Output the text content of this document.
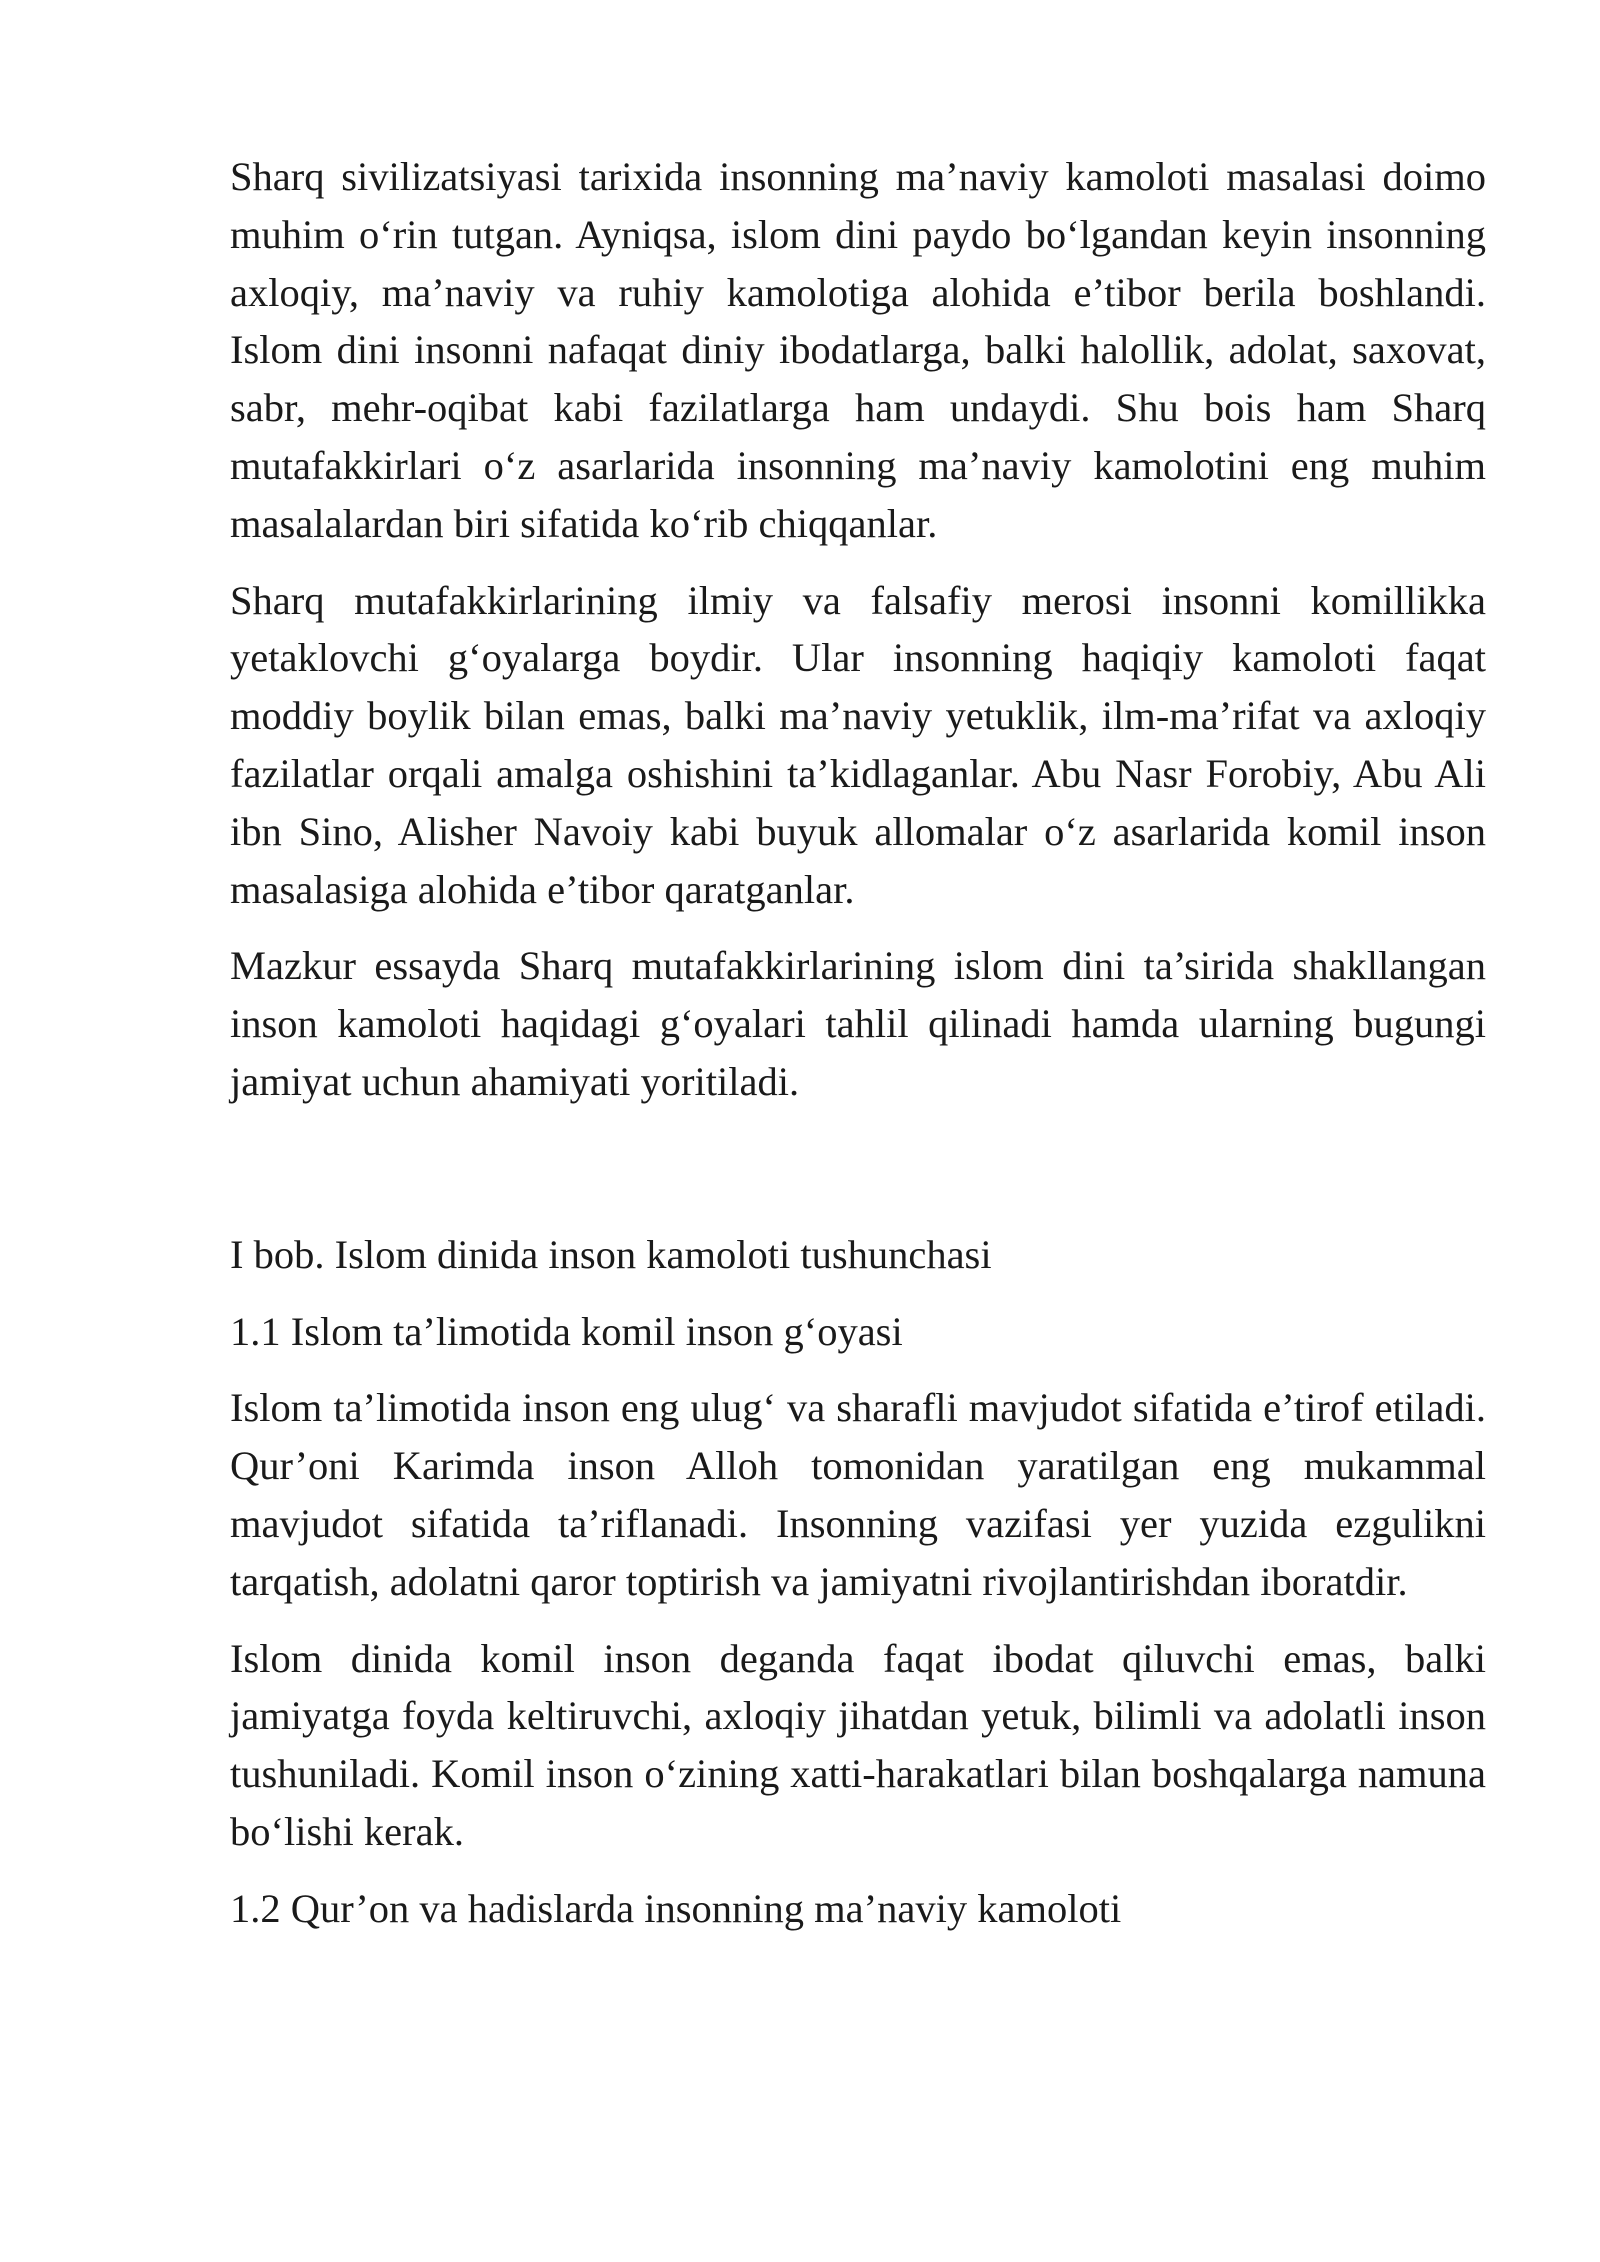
Sharq sivilizatsiyasi tarixida insonning ma’naviy kamoloti masalasi doimo muhim o‘rin tutgan. Ayniqsa, islom dini paydo bo‘lgandan keyin insonning axloqiy, ma’naviy va ruhiy kamolotiga alohida e’tibor berila boshlandi. Islom dini insonni nafaqat diniy ibodatlarga, balki halollik, adolat, saxovat, sabr, mehr-oqibat kabi fazilatlarga ham undaydi. Shu bois ham Sharq mutafakkirlari o‘z asarlarida insonning ma’naviy kamolotini eng muhim masalalardan biri sifatida ko‘rib chiqqanlar.

Sharq mutafakkirlarining ilmiy va falsafiy merosi insonni komillikka yetaklovchi g‘oyalarga boydir. Ular insonning haqiqiy kamoloti faqat moddiy boylik bilan emas, balki ma’naviy yetuklik, ilm-ma’rifat va axloqiy fazilatlar orqali amalga oshishini ta’kidlaganlar. Abu Nasr Forobiy, Abu Ali ibn Sino, Alisher Navoiy kabi buyuk allomalar o‘z asarlarida komil inson masalasiga alohida e’tibor qaratganlar.

Mazkur essayda Sharq mutafakkirlarining islom dini ta’sirida shakllangan inson kamoloti haqidagi g‘oyalari tahlil qilinadi hamda ularning bugungi jamiyat uchun ahamiyati yoritiladi.

I bob. Islom dinida inson kamoloti tushunchasi

1.1 Islom ta’limotida komil inson g‘oyasi

Islom ta’limotida inson eng ulug‘ va sharafli mavjudot sifatida e’tirof etiladi. Qur’oni Karimda inson Alloh tomonidan yaratilgan eng mukammal mavjudot sifatida ta’riflanadi. Insonning vazifasi yer yuzida ezgulikni tarqatish, adolatni qaror toptirish va jamiyatni rivojlantirishdan iboratdir.

Islom dinida komil inson deganda faqat ibodat qiluvchi emas, balki jamiyatga foyda keltiruvchi, axloqiy jihatdan yetuk, bilimli va adolatli inson tushuniladi. Komil inson o‘zining xatti-harakatlari bilan boshqalarga namuna bo‘lishi kerak.

1.2 Qur’on va hadislarda insonning ma’naviy kamoloti
